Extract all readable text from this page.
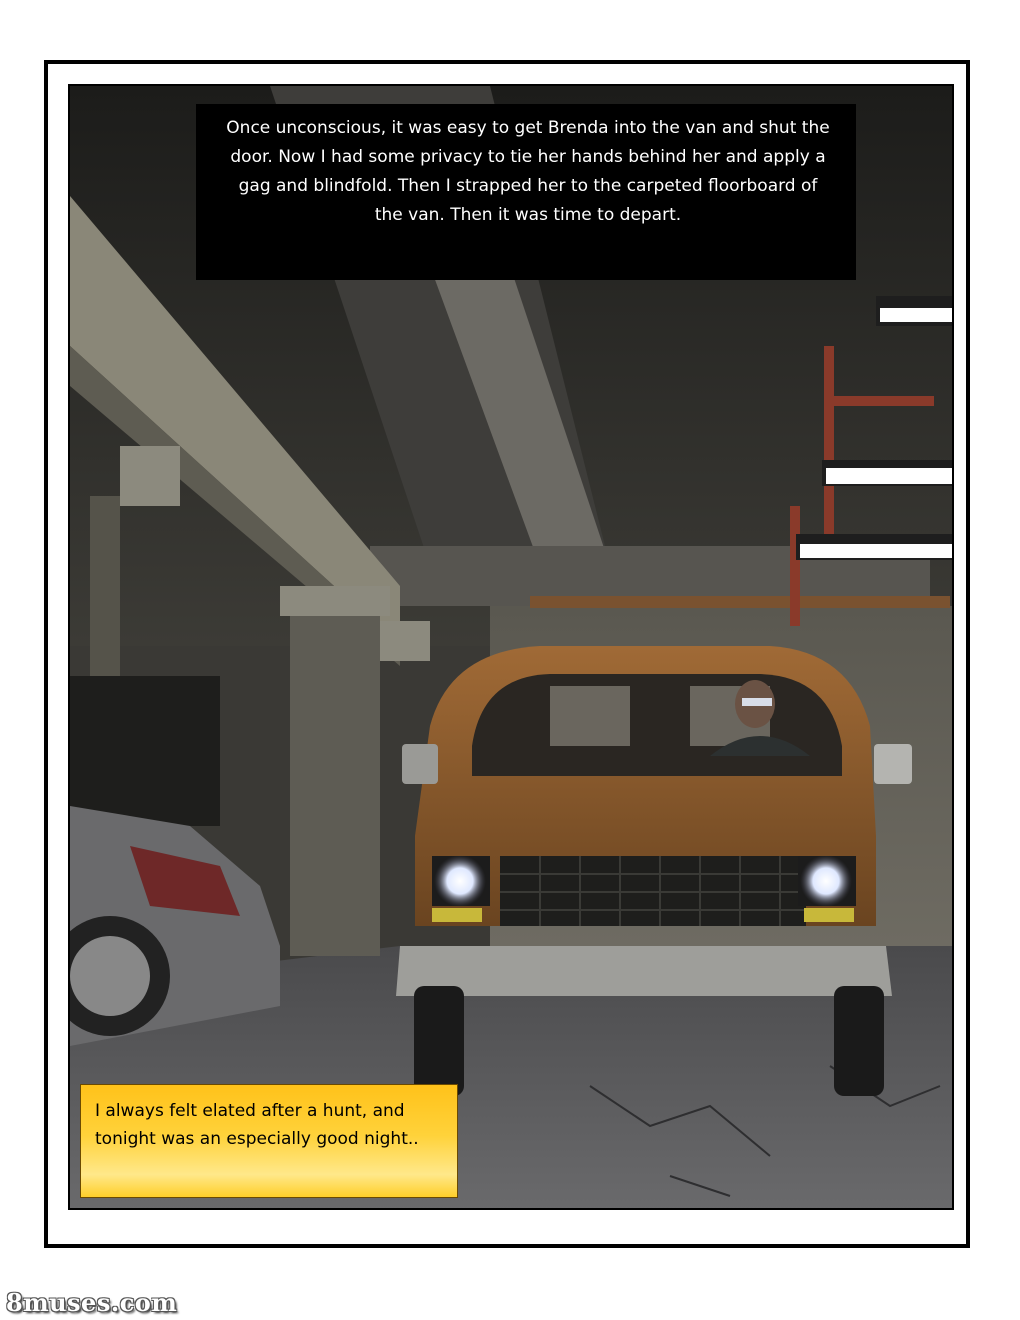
Once unconscious, it was easy to get Brenda into the van and shut the door. Now I had some privacy to tie her hands behind her and apply a gag and blindfold. Then I strapped her to the carpeted floorboard of the van. Then it was time to depart.

I always felt elated after a hunt, and tonight was an especially good night..

8muses.com
